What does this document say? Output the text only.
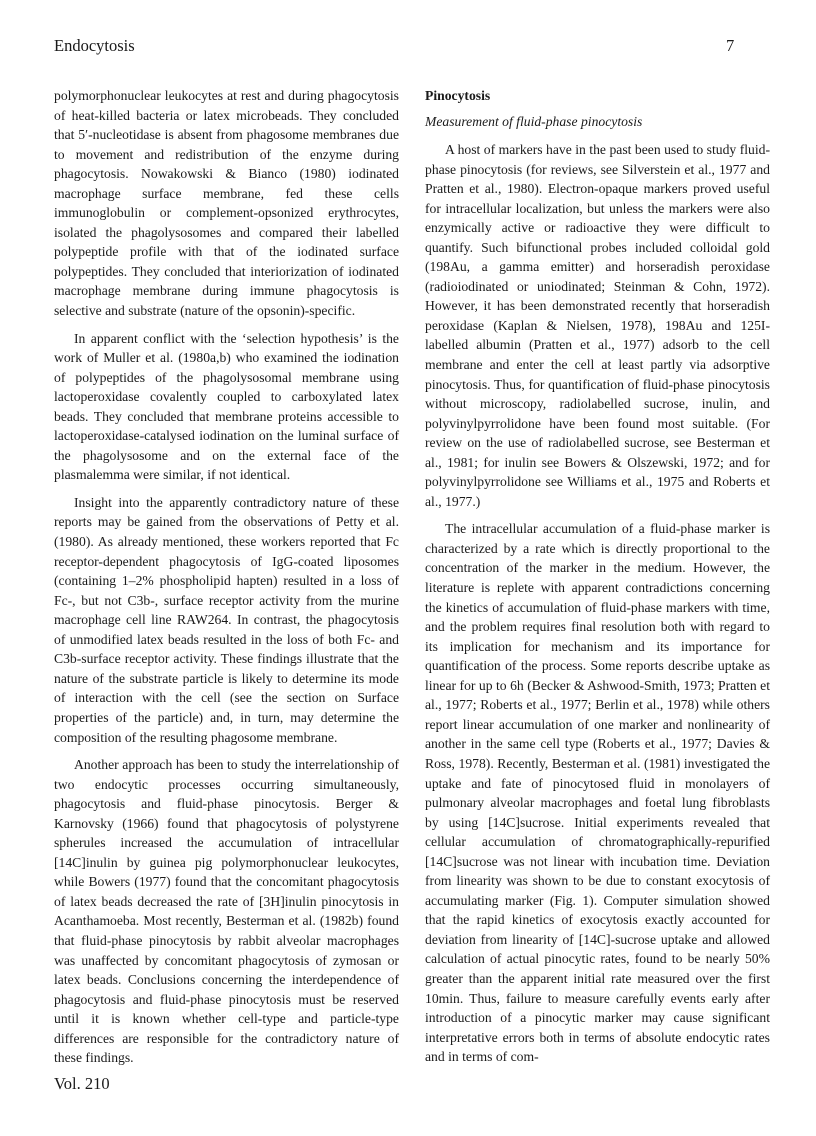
Endocytosis	7

polymorphonuclear leukocytes at rest and during phagocytosis of heat-killed bacteria or latex microbeads. They concluded that 5′-nucleotidase is absent from phagosome membranes due to movement and redistribution of the enzyme during phagocytosis. Nowakowski & Bianco (1980) iodinated macrophage surface membrane, fed these cells immunoglobulin or complement-opsonized erythrocytes, isolated the phagolysosomes and compared their labelled polypeptide profile with that of the iodinated surface polypeptides. They concluded that interiorization of iodinated macrophage membrane during immune phagocytosis is selective and substrate (nature of the opsonin)-specific.

In apparent conflict with the ‘selection hypothesis’ is the work of Muller et al. (1980a,b) who examined the iodination of polypeptides of the phagolysosomal membrane using lactoperoxidase covalently coupled to carboxylated latex beads. They concluded that membrane proteins accessible to lactoperoxidase-catalysed iodination on the luminal surface of the phagolysosome and on the external face of the plasmalemma were similar, if not identical.

Insight into the apparently contradictory nature of these reports may be gained from the observations of Petty et al. (1980). As already mentioned, these workers reported that Fc receptor-dependent phagocytosis of IgG-coated liposomes (containing 1–2% phospholipid hapten) resulted in a loss of Fc-, but not C3b-, surface receptor activity from the murine macrophage cell line RAW264. In contrast, the phagocytosis of unmodified latex beads resulted in the loss of both Fc- and C3b-surface receptor activity. These findings illustrate that the nature of the substrate particle is likely to determine its mode of interaction with the cell (see the section on Surface properties of the particle) and, in turn, may determine the composition of the resulting phagosome membrane.

Another approach has been to study the interrelationship of two endocytic processes occurring simultaneously, phagocytosis and fluid-phase pinocytosis. Berger & Karnovsky (1966) found that phagocytosis of polystyrene spherules increased the accumulation of intracellular [14C]inulin by guinea pig polymorphonuclear leukocytes, while Bowers (1977) found that the concomitant phagocytosis of latex beads decreased the rate of [3H]inulin pinocytosis in Acanthamoeba. Most recently, Besterman et al. (1982b) found that fluid-phase pinocytosis by rabbit alveolar macrophages was unaffected by concomitant phagocytosis of zymosan or latex beads. Conclusions concerning the interdependence of phagocytosis and fluid-phase pinocytosis must be reserved until it is known whether cell-type and particle-type differences are responsible for the contradictory nature of these findings.

Pinocytosis
Measurement of fluid-phase pinocytosis

A host of markers have in the past been used to study fluid-phase pinocytosis (for reviews, see Silverstein et al., 1977 and Pratten et al., 1980). Electron-opaque markers proved useful for intracellular localization, but unless the markers were also enzymically active or radioactive they were difficult to quantify. Such bifunctional probes included colloidal gold (198Au, a gamma emitter) and horseradish peroxidase (radioiodinated or uniodinated; Steinman & Cohn, 1972). However, it has been demonstrated recently that horseradish peroxidase (Kaplan & Nielsen, 1978), 198Au and 125I-labelled albumin (Pratten et al., 1977) adsorb to the cell membrane and enter the cell at least partly via adsorptive pinocytosis. Thus, for quantification of fluid-phase pinocytosis without microscopy, radiolabelled sucrose, inulin, and polyvinylpyrrolidone have been found most suitable. (For review on the use of radiolabelled sucrose, see Besterman et al., 1981; for inulin see Bowers & Olszewski, 1972; and for polyvinylpyrrolidone see Williams et al., 1975 and Roberts et al., 1977.)

The intracellular accumulation of a fluid-phase marker is characterized by a rate which is directly proportional to the concentration of the marker in the medium. However, the literature is replete with apparent contradictions concerning the kinetics of accumulation of fluid-phase markers with time, and the problem requires final resolution both with regard to its implication for mechanism and its importance for quantification of the process. Some reports describe uptake as linear for up to 6h (Becker & Ashwood-Smith, 1973; Pratten et al., 1977; Roberts et al., 1977; Berlin et al., 1978) while others report linear accumulation of one marker and nonlinearity of another in the same cell type (Roberts et al., 1977; Davies & Ross, 1978). Recently, Besterman et al. (1981) investigated the uptake and fate of pinocytosed fluid in monolayers of pulmonary alveolar macrophages and foetal lung fibroblasts by using [14C]sucrose. Initial experiments revealed that cellular accumulation of chromatographically-repurified [14C]sucrose was not linear with incubation time. Deviation from linearity was shown to be due to constant exocytosis of accumulating marker (Fig. 1). Computer simulation showed that the rapid kinetics of exocytosis exactly accounted for deviation from linearity of [14C]-sucrose uptake and allowed calculation of actual pinocytic rates, found to be nearly 50% greater than the apparent initial rate measured over the first 10min. Thus, failure to measure carefully events early after introduction of a pinocytic marker may cause significant interpretative errors both in terms of absolute endocytic rates and in terms of com-

Vol. 210
